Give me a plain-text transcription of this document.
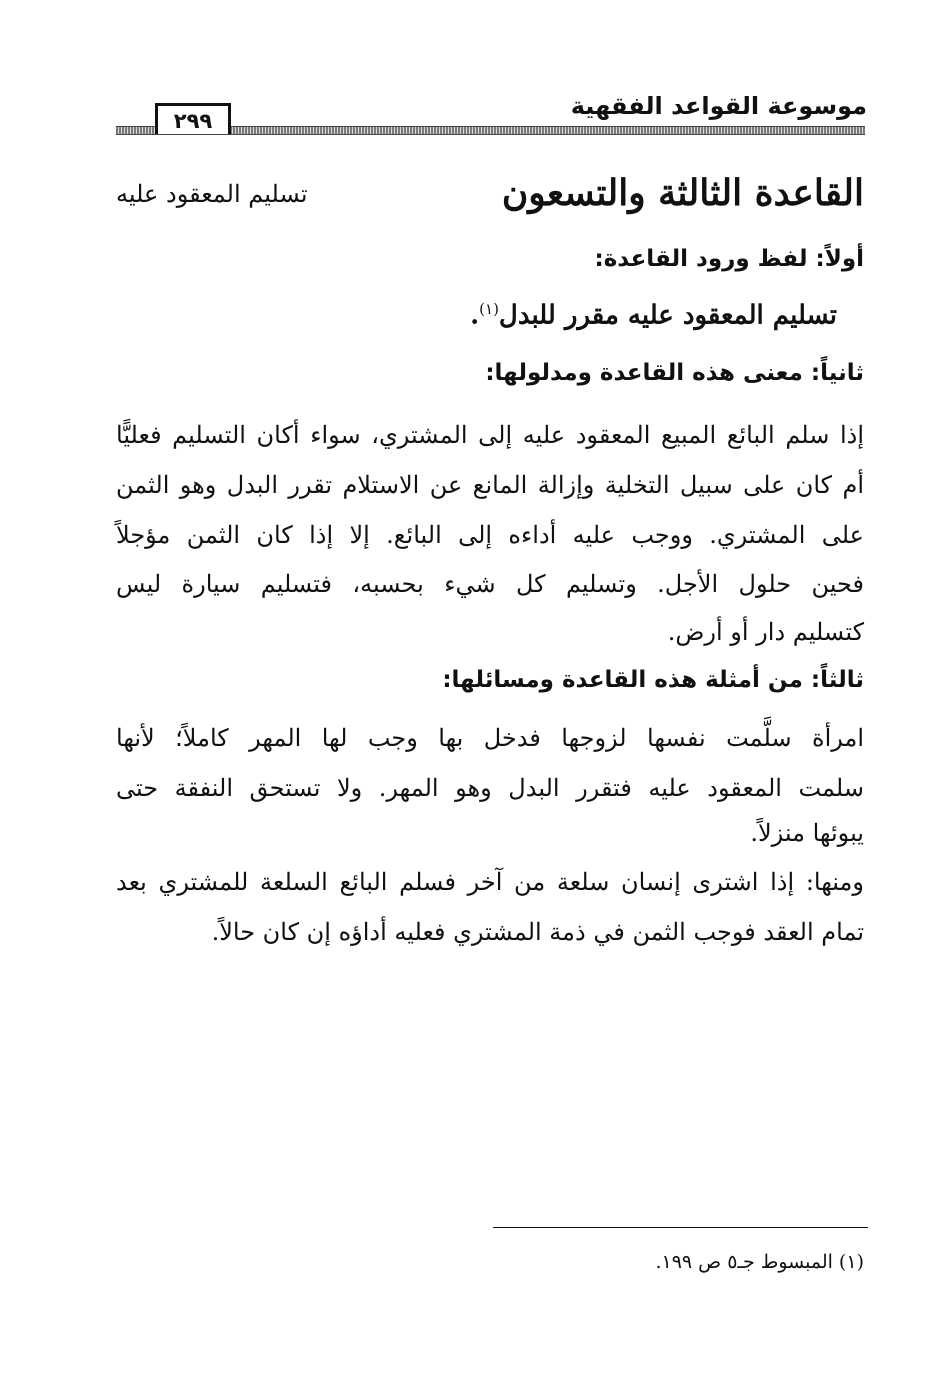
موسوعة القواعد الفقهية
٢٩٩
القاعدة الثالثة والتسعون
تسليم المعقود عليه
أولاً: لفظ ورود القاعدة:
تسليم المعقود عليه مقرر للبدل$^{(١)}$.
ثانياً: معنى هذه القاعدة ومدلولها:
إذا سلم البائع المبيع المعقود عليه إلى المشتري، سواء أكان التسليم فعليًّا
أم كان على سبيل التخلية وإزالة المانع عن الاستلام تقرر البدل وهو الثمن
على المشتري. ووجب عليه أداءه إلى البائع. إلا إذا كان الثمن مؤجلاً
فحين حلول الأجل. وتسليم كل شيء بحسبه، فتسليم سيارة ليس
كتسليم دار أو أرض.
ثالثاً: من أمثلة هذه القاعدة ومسائلها:
امرأة سلَّمت نفسها لزوجها فدخل بها وجب لها المهر كاملاً؛ لأنها
سلمت المعقود عليه فتقرر البدل وهو المهر. ولا تستحق النفقة حتى
يبوئها منزلاً.
ومنها: إذا اشترى إنسان سلعة من آخر فسلم البائع السلعة للمشتري بعد
تمام العقد فوجب الثمن في ذمة المشتري فعليه أداؤه إن كان حالاً.
(١) المبسوط جـ٥ ص ١٩٩.
